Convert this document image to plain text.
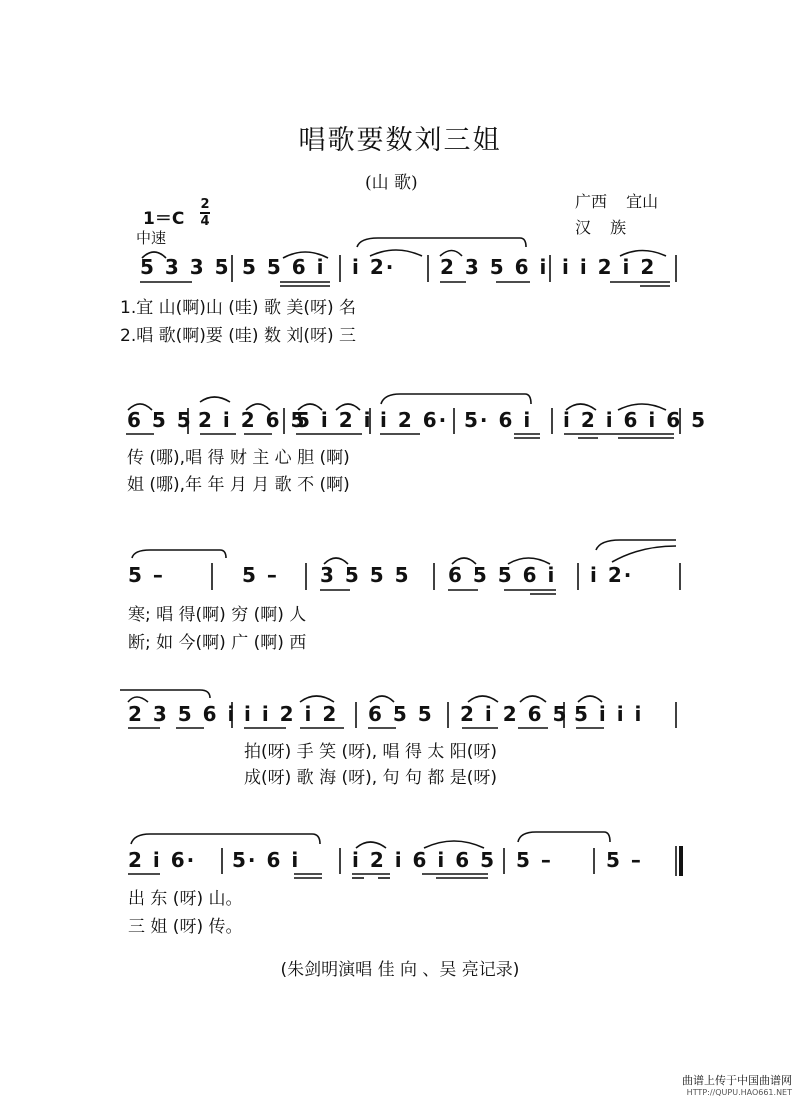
唱歌要数刘三姐
(山 歌)
广西 宜山
汉 族
1＝C
2
4
中速
5 3 3 5 5 5 6 i i 2· 2 3 5 6 i i i 2 i 2
1.宜 山(啊)山 (哇) 歌 美(呀) 名
2.唱 歌(啊)要 (哇) 数 刘(呀) 三
6 5 5 2 i 2 6 5
5 i 2 i i 2 6· 5· 6 i i 2 i 6 i 6 5
传 (哪),唱 得 财 主 心 胆 (啊)
姐 (哪),年 年 月 月 歌 不 (啊)
5 –	5 – 3 5 5 5 6 5 5 6 i i 2·
寒; 唱 得(啊) 穷 (啊) 人
断; 如 今(啊) 广 (啊) 西
2 3 5 6 i i i 2 i 2 6 5 5 2 i 2 6 5 5 i i i
拍(呀) 手 笑 (呀), 唱 得 太 阳(呀)
成(呀) 歌 海 (呀), 句 句 都 是(呀)
2 i 6· 5· 6 i	i 2 i 6 i 6 5 5 –	5 –
出 东 (呀) 山。
三 姐 (呀) 传。
(朱剑明演唱 佳 向 、吴 亮记录)
曲谱上传于中国曲谱网
HTTP://QUPU.HAO661.NET
